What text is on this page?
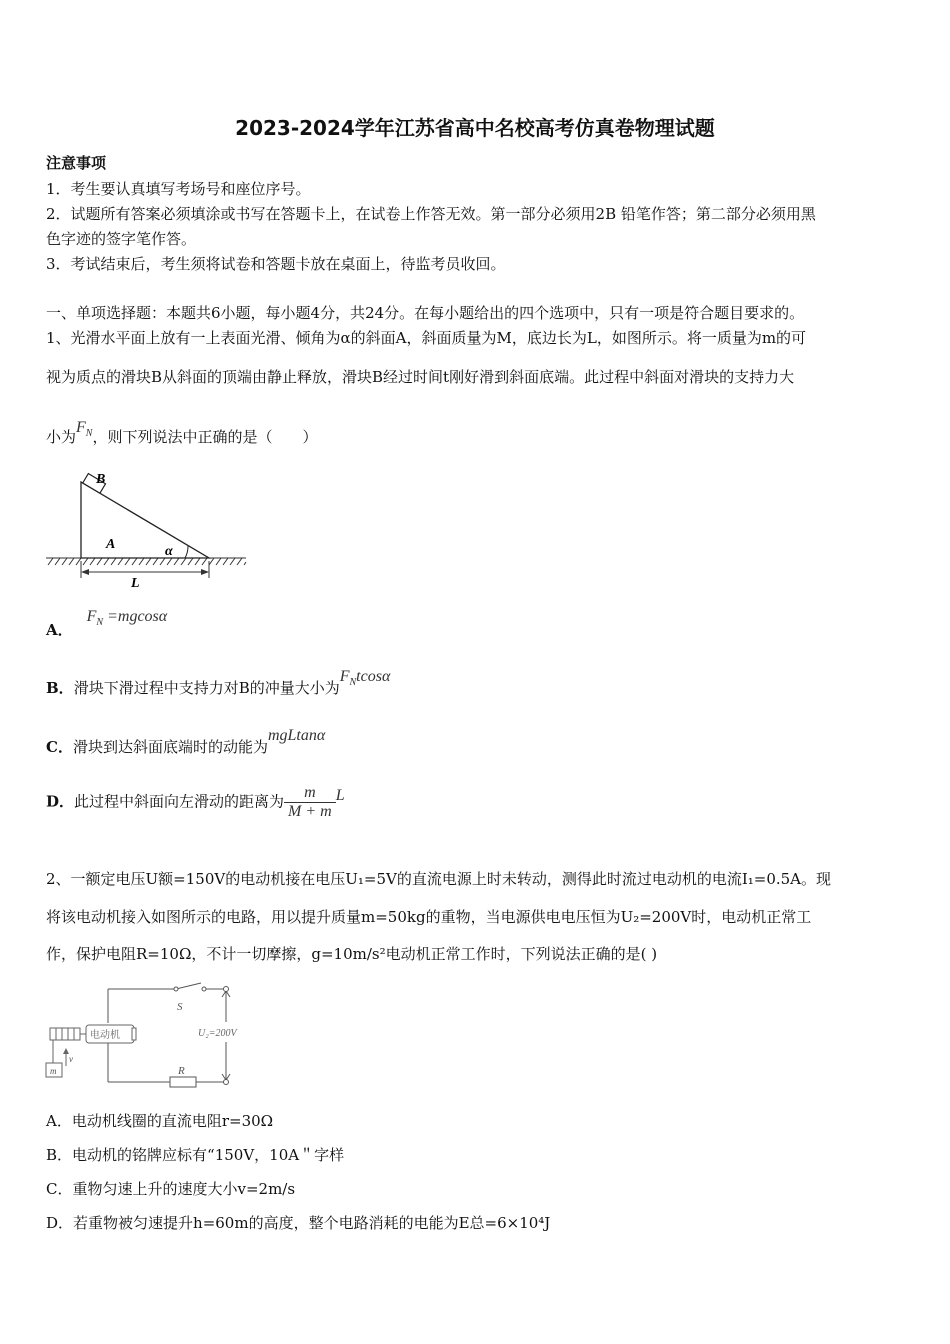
2023-2024学年江苏省高中名校高考仿真卷物理试题
注意事项
1．考生要认真填写考场号和座位序号。
2．试题所有答案必须填涂或书写在答题卡上，在试卷上作答无效。第一部分必须用2B 铅笔作答；第二部分必须用黑
色字迹的签字笔作答。
3．考试结束后，考生须将试卷和答题卡放在桌面上，待监考员收回。
一、单项选择题：本题共6小题，每小题4分，共24分。在每小题给出的四个选项中，只有一项是符合题目要求的。
1、光滑水平面上放有一上表面光滑、倾角为α的斜面A，斜面质量为M，底边长为L，如图所示。将一质量为m的可
视为质点的滑块B从斜面的顶端由静止释放，滑块B经过时间t刚好滑到斜面底端。此过程中斜面对滑块的支持力大
小为$F_N$，则下列说法中正确的是（　　）
B
A	α
L
A．$F_N =mgcos\alpha$
B．滑块下滑过程中支持力对B的冲量大小为$F_Ntcos\alpha$
C．滑块到达斜面底端时的动能为mgLtanα
D．此过程中斜面向左滑动的距离为 $\frac{m}{M + m}$ L
2、一额定电压U额=150V的电动机接在电压U₁=5V的直流电源上时未转动，测得此时流过电动机的电流I₁=0.5A。现
将该电动机接入如图所示的电路，用以提升质量m=50kg的重物，当电源供电电压恒为U₂=200V时，电动机正常工
作，保护电阻R=10Ω，不计一切摩擦，g=10m/s²电动机正常工作时，下列说法正确的是( )
S
电动机	U₂=200V
R
m
v
A．电动机线圈的直流电阻r=30Ω
B．电动机的铭牌应标有“150V，10A＂字样
C．重物匀速上升的速度大小v=2m/s
D．若重物被匀速提升h=60m的高度，整个电路消耗的电能为E总=6×10⁴J
